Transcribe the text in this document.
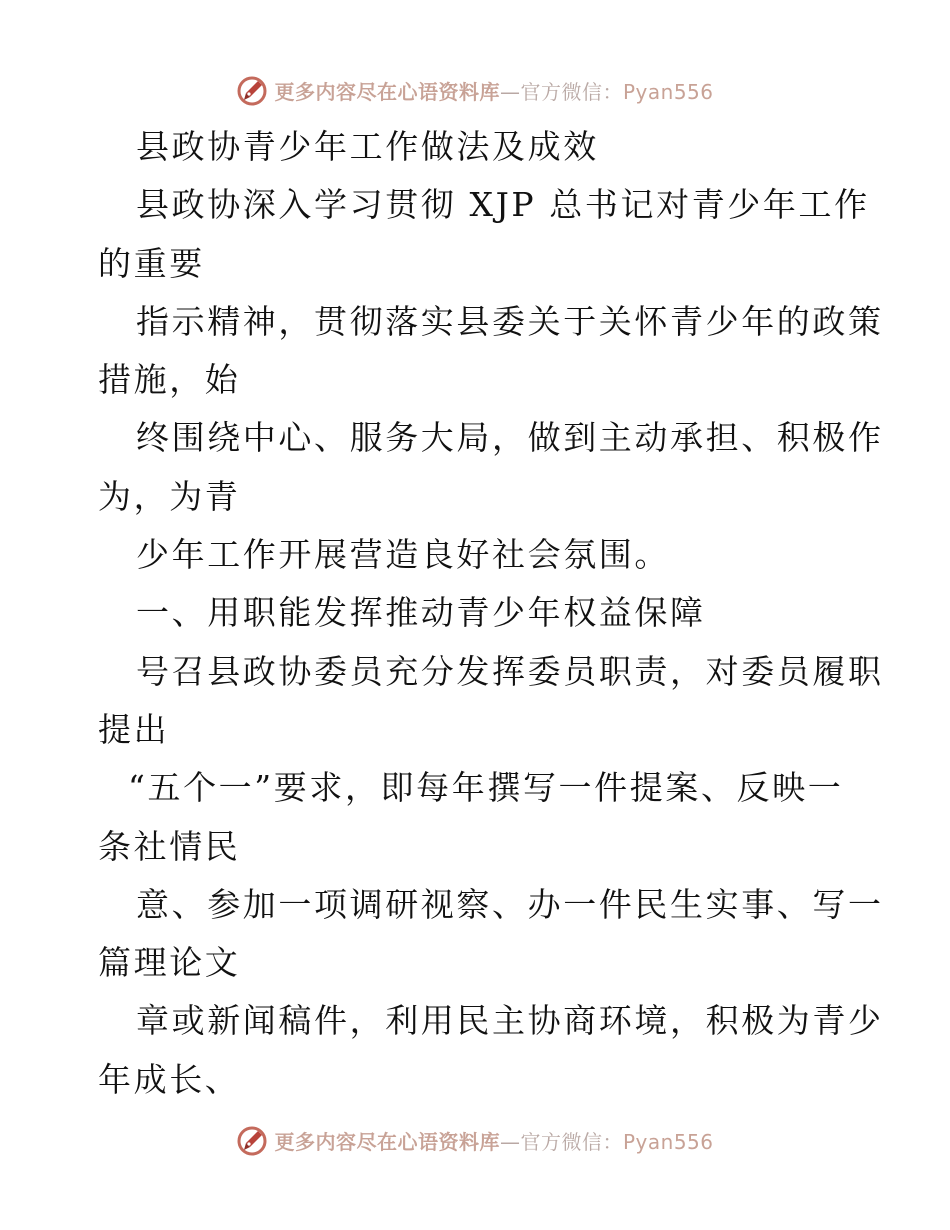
更多内容尽在心语资料库—官方微信：Pyan556
县政协青少年工作做法及成效
县政协深入学习贯彻 XJP 总书记对青少年工作
的重要
指示精神，贯彻落实县委关于关怀青少年的政策
措施，始
终围绕中心、服务大局，做到主动承担、积极作
为，为青
少年工作开展营造良好社会氛围。
一、用职能发挥推动青少年权益保障
号召县政协委员充分发挥委员职责，对委员履职
提出
“五个一”要求，即每年撰写一件提案、反映一
条社情民
意、参加一项调研视察、办一件民生实事、写一
篇理论文
章或新闻稿件，利用民主协商环境，积极为青少
年成长、
更多内容尽在心语资料库—官方微信：Pyan556
